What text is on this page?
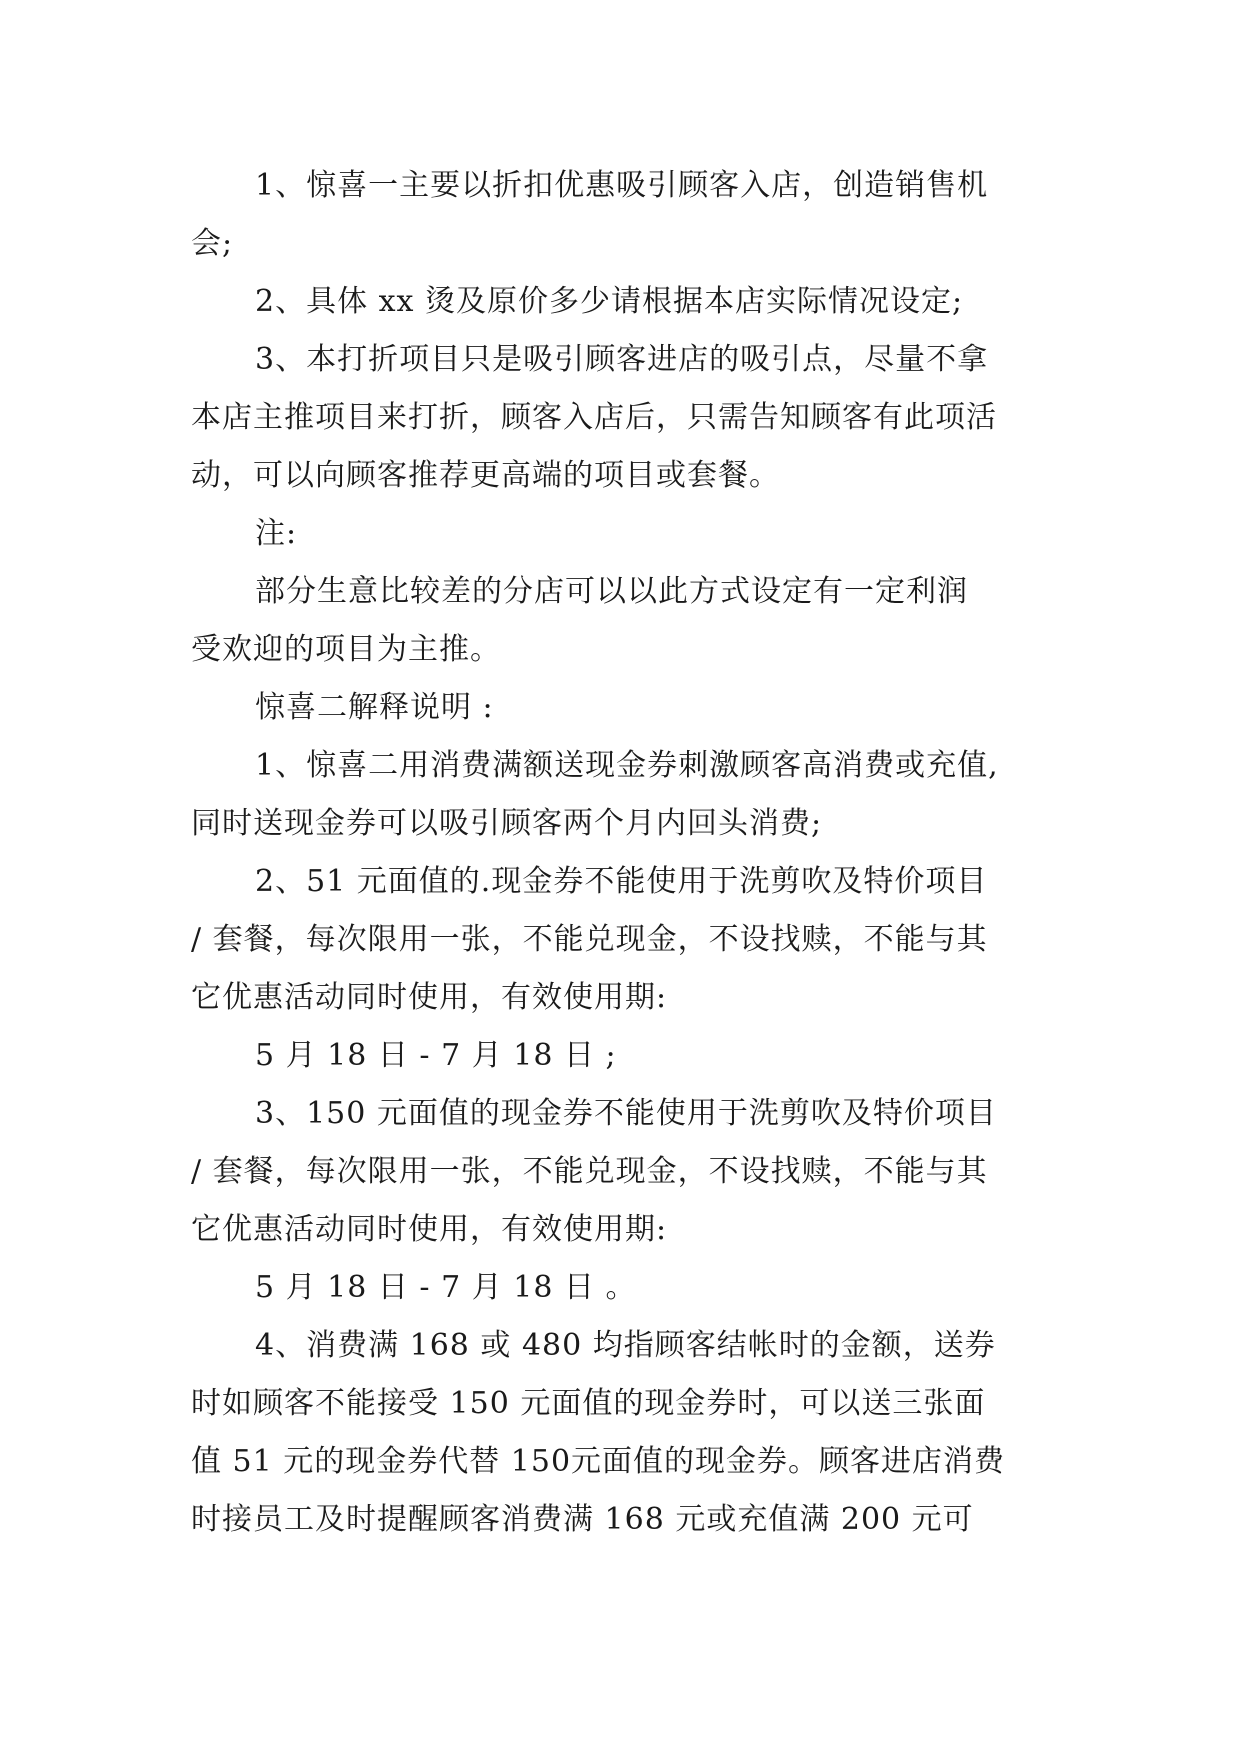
1、惊喜一主要以折扣优惠吸引顾客入店，创造销售机

会;

2、具体 xx 烫及原价多少请根据本店实际情况设定;

3、本打折项目只是吸引顾客进店的吸引点，尽量不拿

本店主推项目来打折，顾客入店后，只需告知顾客有此项活

动，可以向顾客推荐更高端的项目或套餐。

注:

部分生意比较差的分店可以以此方式设定有一定利润

受欢迎的项目为主推。

惊喜二解释说明 :

1、惊喜二用消费满额送现金券刺激顾客高消费或充值,

同时送现金券可以吸引顾客两个月内回头消费;

2、51 元面值的.现金券不能使用于洗剪吹及特价项目

/ 套餐，每次限用一张，不能兑现金，不设找赎，不能与其

它优惠活动同时使用，有效使用期:

5 月 18 日 - 7 月 18 日 ;

3、150 元面值的现金券不能使用于洗剪吹及特价项目

/ 套餐，每次限用一张，不能兑现金，不设找赎，不能与其

它优惠活动同时使用，有效使用期:

5 月 18 日 - 7 月 18 日 。

4、消费满 168 或 480 均指顾客结帐时的金额，送券

时如顾客不能接受 150 元面值的现金券时，可以送三张面

值 51 元的现金券代替 150元面值的现金券。顾客进店消费

时接员工及时提醒顾客消费满 168 元或充值满 200 元可
